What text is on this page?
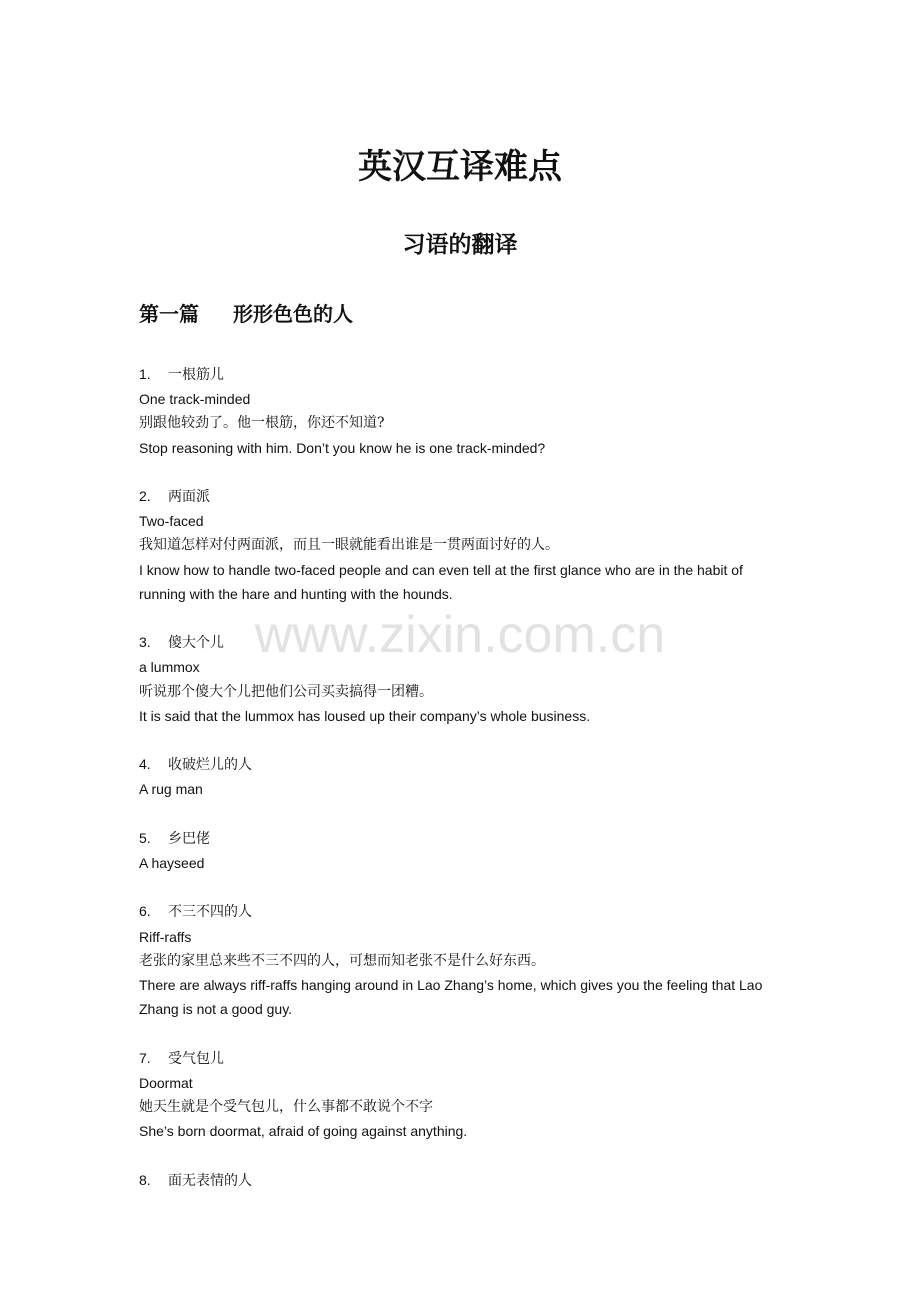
英汉互译难点
习语的翻译
第一篇 形形色色的人
1. 一根筋儿
One track-minded
别跟他较劲了。他一根筋，你还不知道?
Stop reasoning with him. Don’t you know he is one track-minded?
2. 两面派
Two-faced
我知道怎样对付两面派，而且一眼就能看出谁是一贯两面讨好的人。
I know how to handle two-faced people and can even tell at the first glance who are in the habit of running with the hare and hunting with the hounds.
3. 傻大个儿
a lummox
听说那个傻大个儿把他们公司买卖搞得一团糟。
It is said that the lummox has loused up their company’s whole business.
4. 收破烂儿的人
A rug man
5. 乡巴佬
A hayseed
6. 不三不四的人
Riff-raffs
老张的家里总来些不三不四的人，可想而知老张不是什么好东西。
There are always riff-raffs hanging around in Lao Zhang’s home, which gives you the feeling that Lao Zhang is not a good guy.
7. 受气包儿
Doormat
她天生就是个受气包儿，什么事都不敢说个不字
She’s born doormat, afraid of going against anything.
8. 面无表情的人
www.zixin.com.cn
